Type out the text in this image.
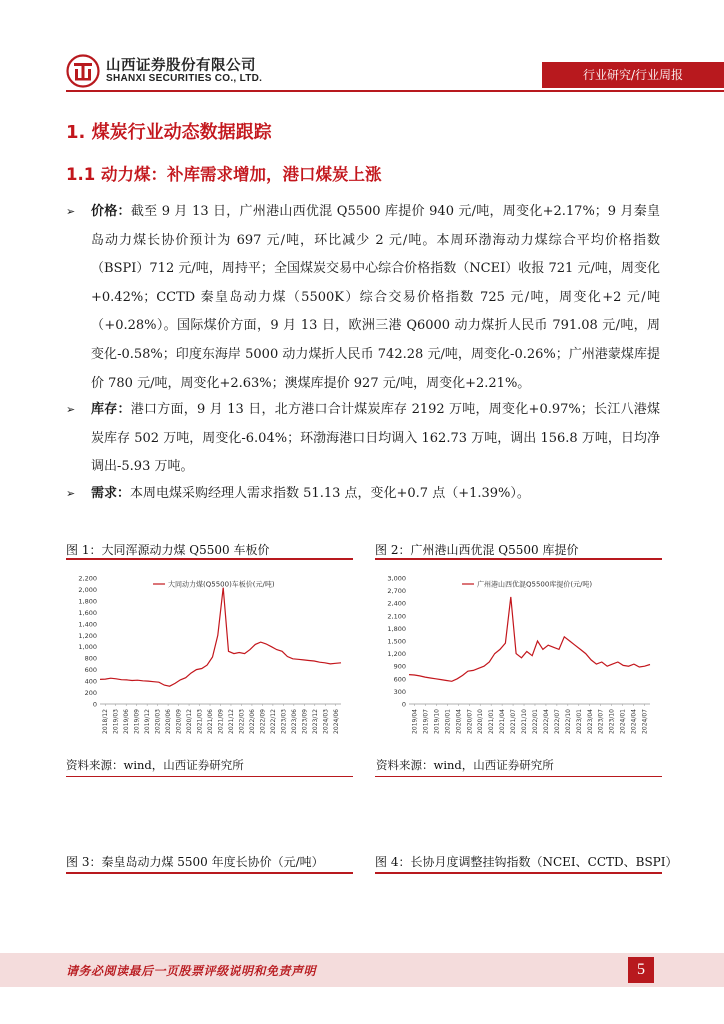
山西证券股份有限公司
SHANXI SECURITIES CO., LTD.	行业研究/行业周报
1. 煤炭行业动态数据跟踪
1.1 动力煤：补库需求增加，港口煤炭上涨
➢	价格：截至 9 月 13 日，广州港山西优混 Q5500 库提价 940 元/吨，周变化+2.17%；9 月秦皇岛动力煤长协价预计为 697 元/吨，环比减少 2 元/吨。本周环渤海动力煤综合平均价格指数（BSPI）712 元/吨，周持平；全国煤炭交易中心综合价格指数（NCEI）收报 721 元/吨，周变化+0.42%；CCTD 秦皇岛动力煤（5500K）综合交易价格指数 725 元/吨，周变化+2 元/吨（+0.28%）。国际煤价方面，9 月 13 日，欧洲三港 Q6000 动力煤折人民币 791.08 元/吨，周变化-0.58%；印度东海岸 5000 动力煤折人民币 742.28 元/吨，周变化-0.26%；广州港蒙煤库提价 780 元/吨，周变化+2.63%；澳煤库提价 927 元/吨，周变化+2.21%。
➢	库存：港口方面，9 月 13 日，北方港口合计煤炭库存 2192 万吨，周变化+0.97%；长江八港煤炭库存 502 万吨，周变化-6.04%；环渤海港口日均调入 162.73 万吨，调出 156.8 万吨，日均净调出-5.93 万吨。
➢	需求：本周电煤采购经理人需求指数 51.13 点，变化+0.7 点（+1.39%）。
图 1：大同浑源动力煤 Q5500 车板价	图 2：广州港山西优混 Q5500 库提价
0
200
400
600
800
1,000
1,200
1,400
1,600
1,800
2,000
2,200
2018/12 2019/03 2019/06 2019/09 2019/12 2020/03 2020/06 2020/09 2020/12 2021/03 2021/06 2021/09 2021/12 2022/03 2022/06 2022/09 2022/12 2023/03 2023/06 2023/09 2023/12 2024/03 2024/06
大同动力煤(Q5500)车板价(元/吨)
0
300
600
900
1,200
1,500
1,800
2,100
2,400
2,700
3,000
2019/04 2019/07 2019/10 2020/01 2020/04 2020/07 2020/10 2021/01 2021/04 2021/07 2021/10 2022/01 2022/04 2022/07 2022/10 2023/01 2023/04 2023/07 2023/10 2024/01 2024/04 2024/07
广州港山西优混Q5500库提价(元/吨)
资料来源：wind，山西证券研究所	资料来源：wind，山西证券研究所
图 3：秦皇岛动力煤 5500 年度长协价（元/吨）	图 4：长协月度调整挂钩指数（NCEI、CCTD、BSPI）
请务必阅读最后一页股票评级说明和免责声明	5
